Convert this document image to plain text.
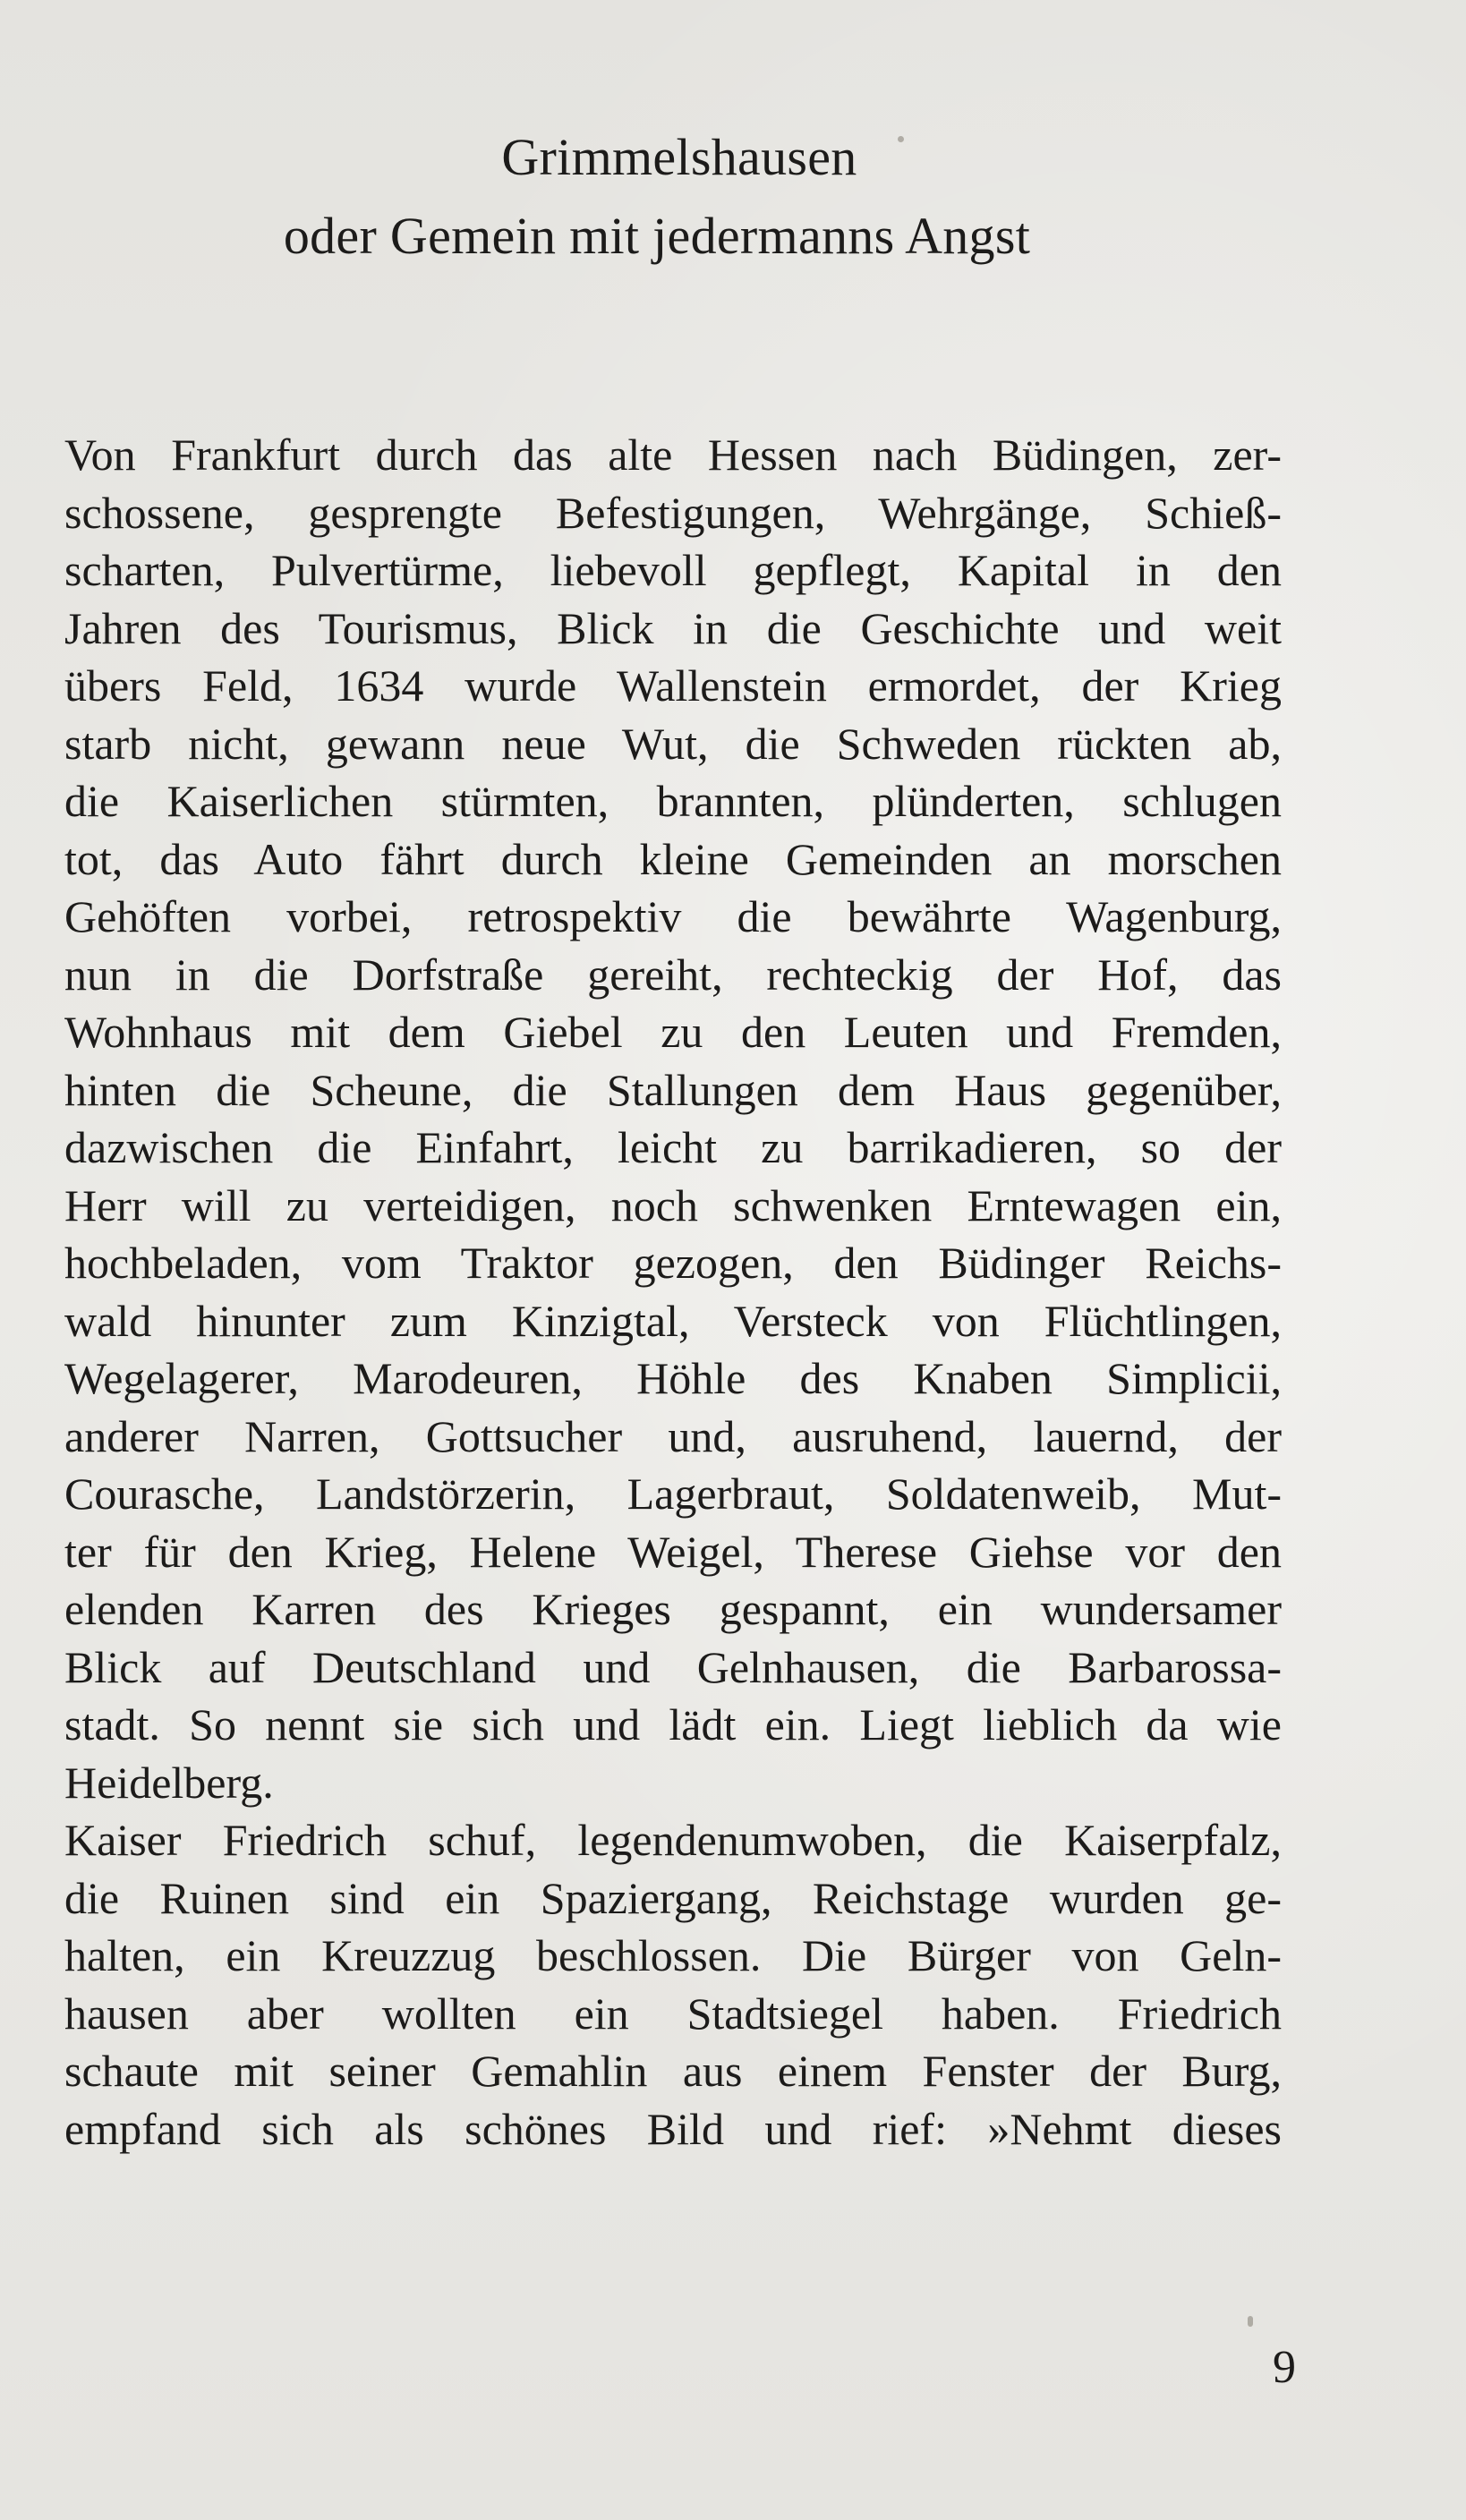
Grimmelshausen
oder Gemein mit jedermanns Angst
Von Frankfurt durch das alte Hessen nach Büdingen, zer-
schossene, gesprengte Befestigungen, Wehrgänge, Schieß-
scharten, Pulvertürme, liebevoll gepflegt, Kapital in den
Jahren des Tourismus, Blick in die Geschichte und weit
übers Feld, 1634 wurde Wallenstein ermordet, der Krieg
starb nicht, gewann neue Wut, die Schweden rückten ab,
die Kaiserlichen stürmten, brannten, plünderten, schlugen
tot, das Auto fährt durch kleine Gemeinden an morschen
Gehöften vorbei, retrospektiv die bewährte Wagenburg,
nun in die Dorfstraße gereiht, rechteckig der Hof, das
Wohnhaus mit dem Giebel zu den Leuten und Fremden,
hinten die Scheune, die Stallungen dem Haus gegenüber,
dazwischen die Einfahrt, leicht zu barrikadieren, so der
Herr will zu verteidigen, noch schwenken Erntewagen ein,
hochbeladen, vom Traktor gezogen, den Büdinger Reichs-
wald hinunter zum Kinzigtal, Versteck von Flüchtlingen,
Wegelagerer, Marodeuren, Höhle des Knaben Simplicii,
anderer Narren, Gottsucher und, ausruhend, lauernd, der
Courasche, Landstörzerin, Lagerbraut, Soldatenweib, Mut-
ter für den Krieg, Helene Weigel, Therese Giehse vor den
elenden Karren des Krieges gespannt, ein wundersamer
Blick auf Deutschland und Gelnhausen, die Barbarossa-
stadt. So nennt sie sich und lädt ein. Liegt lieblich da wie
Heidelberg.
Kaiser Friedrich schuf, legendenumwoben, die Kaiserpfalz,
die Ruinen sind ein Spaziergang, Reichstage wurden ge-
halten, ein Kreuzzug beschlossen. Die Bürger von Geln-
hausen aber wollten ein Stadtsiegel haben. Friedrich
schaute mit seiner Gemahlin aus einem Fenster der Burg,
empfand sich als schönes Bild und rief: »Nehmt dieses
9
